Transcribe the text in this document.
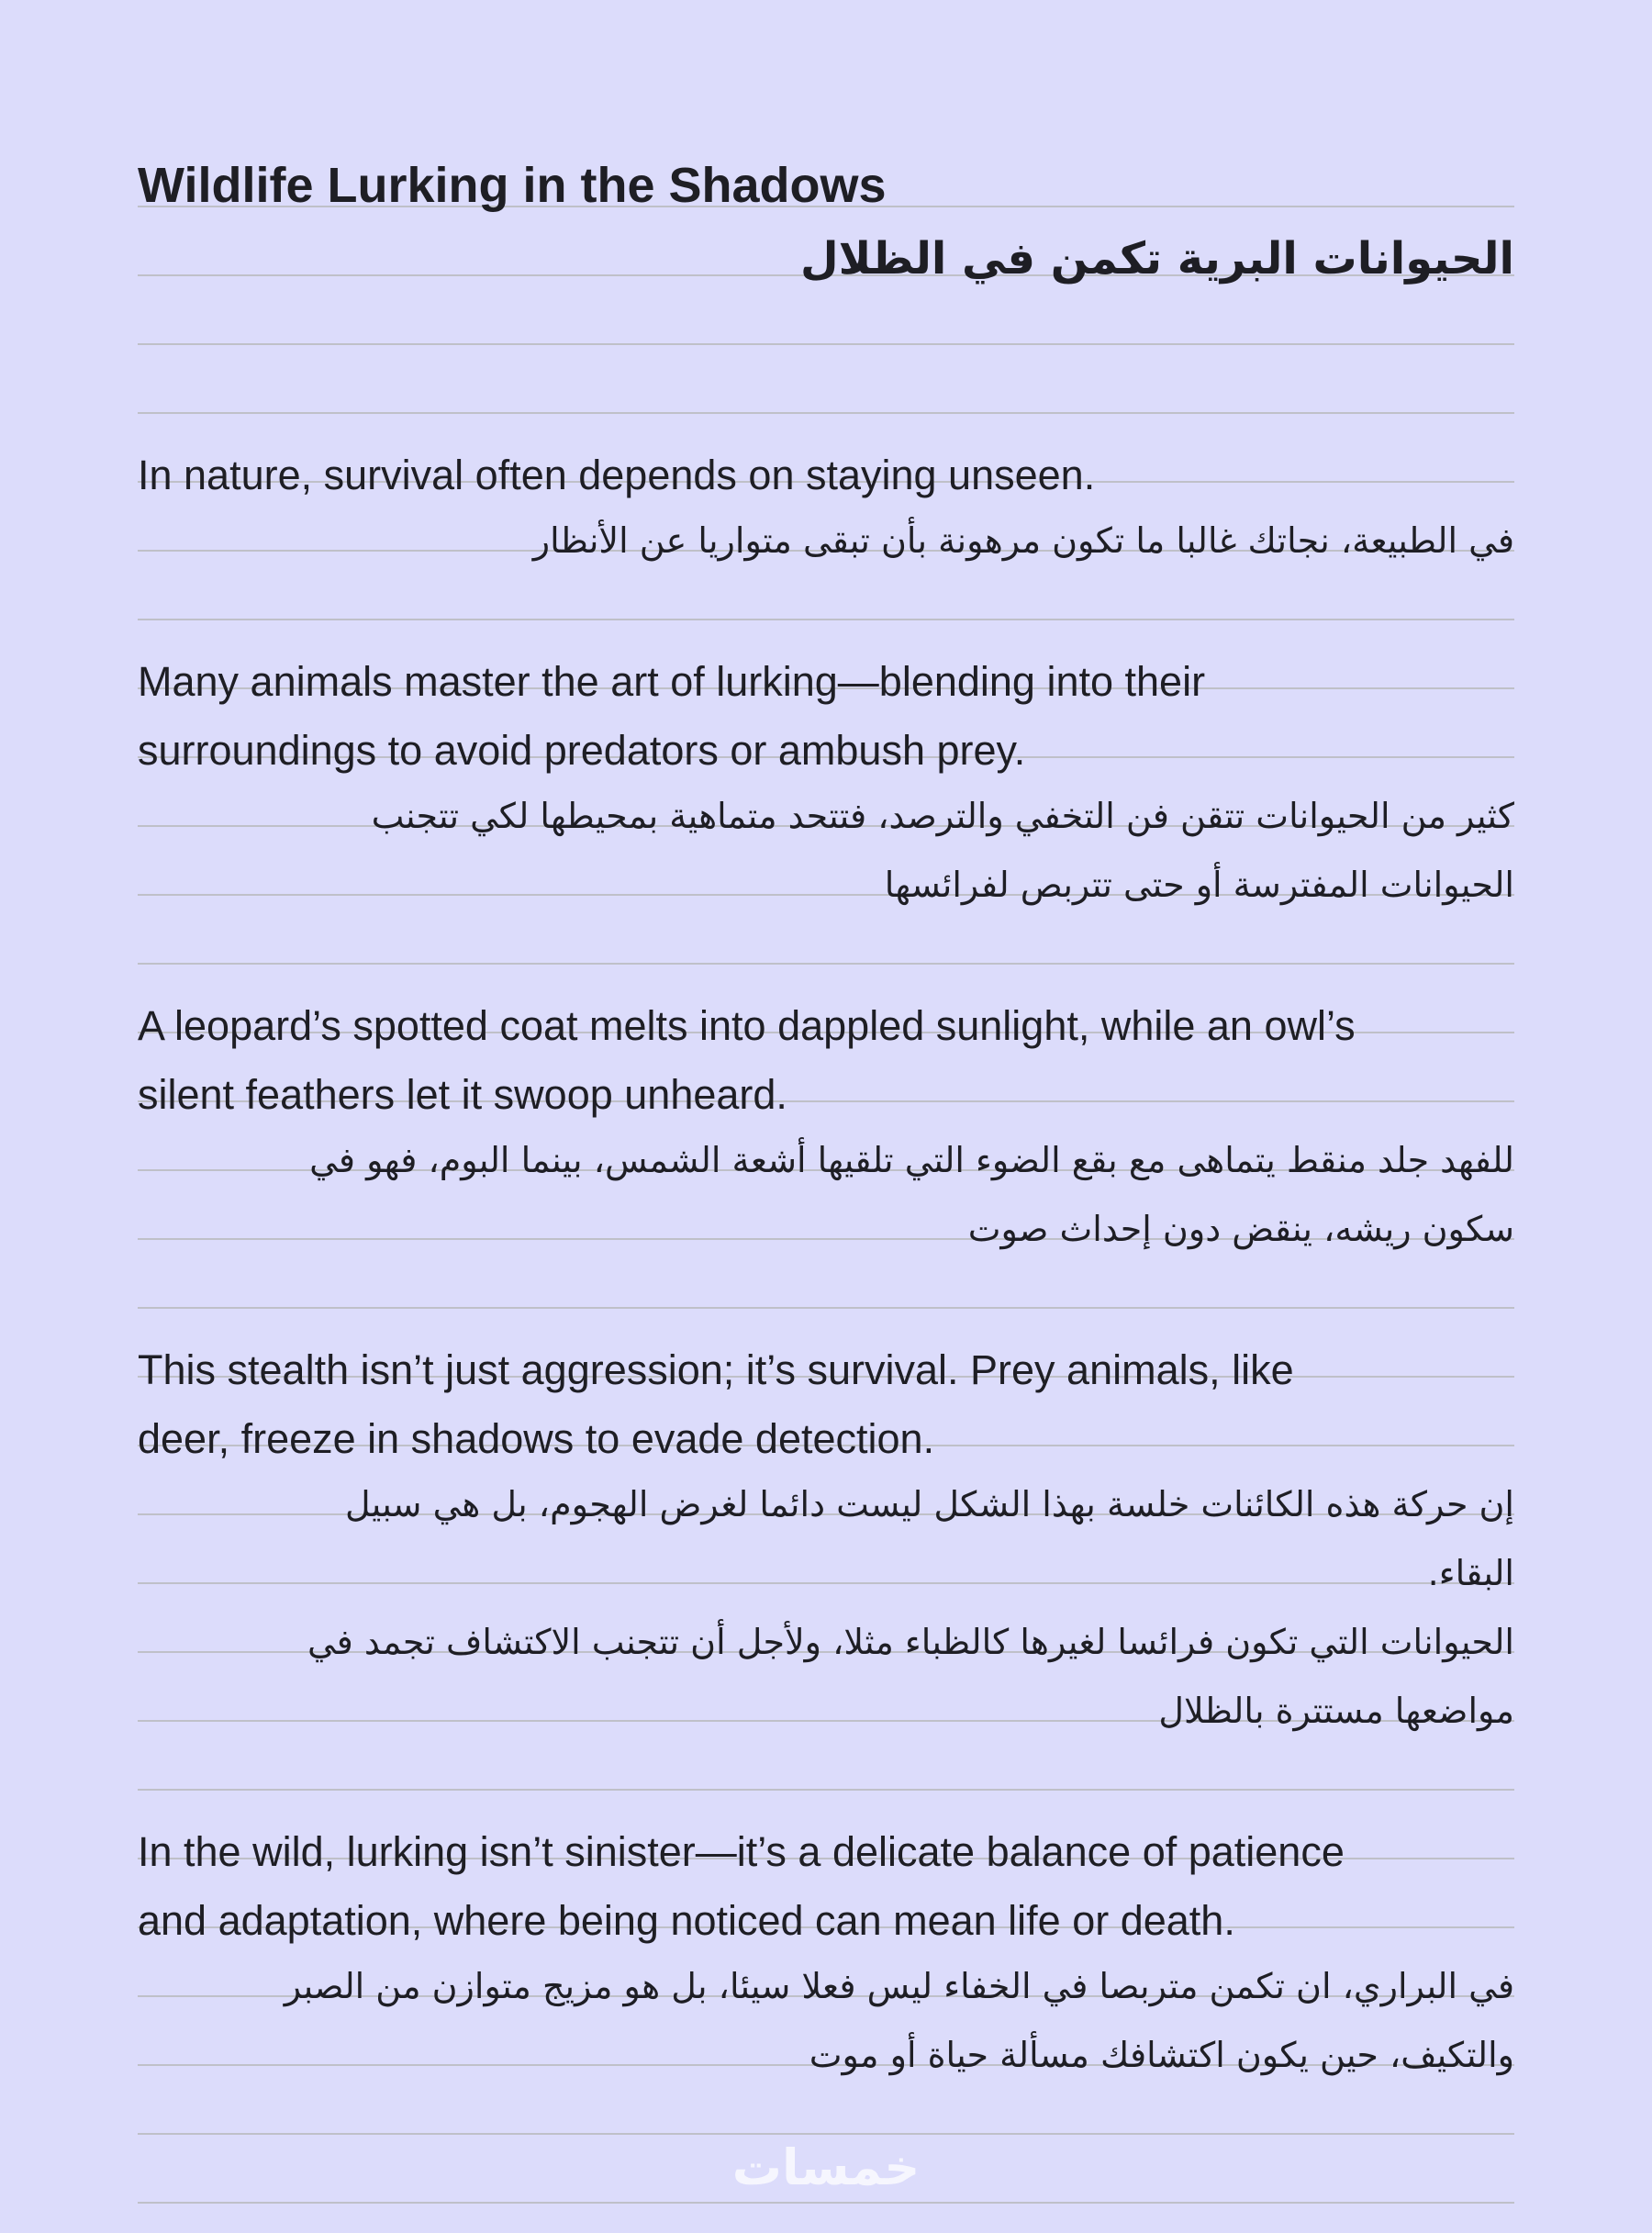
Wildlife Lurking in the Shadows
الحيوانات البرية تكمن في الظلال
In nature, survival often depends on staying unseen.
في الطبيعة، نجاتك غالبا ما تكون مرهونة بأن تبقى متواريا عن الأنظار
Many animals master the art of lurking—blending into their
surroundings to avoid predators or ambush prey.
كثير من الحيوانات تتقن فن التخفي والترصد، فتتحد متماهية بمحيطها لكي تتجنب
الحيوانات المفترسة أو حتى تتربص لفرائسها
A leopard’s spotted coat melts into dappled sunlight, while an owl’s
silent feathers let it swoop unheard.
للفهد جلد منقط يتماهى مع بقع الضوء التي تلقيها أشعة الشمس، بينما البوم، فهو في
سكون ريشه، ينقض دون إحداث صوت
This stealth isn’t just aggression; it’s survival. Prey animals, like
deer, freeze in shadows to evade detection.
إن حركة هذه الكائنات خلسة بهذا الشكل ليست دائما لغرض الهجوم، بل هي سبيل
البقاء.
الحيوانات التي تكون فرائسا لغيرها كالظباء مثلا، ولأجل أن تتجنب الاكتشاف تجمد في
مواضعها مستترة بالظلال
In the wild, lurking isn’t sinister—it’s a delicate balance of patience
and adaptation, where being noticed can mean life or death.
في البراري، ان تكمن متربصا في الخفاء ليس فعلا سيئا، بل هو مزيج متوازن من الصبر
والتكيف، حين يكون اكتشافك مسألة حياة أو موت
خمسات
